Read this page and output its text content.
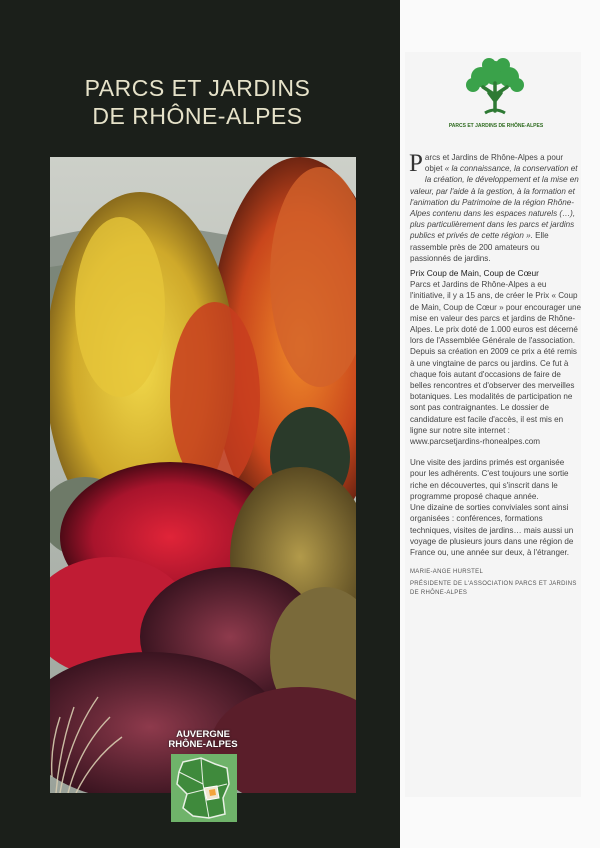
PARCS ET JARDINS
DE RHÔNE-ALPES
AUVERGNE
RHÔNE-ALPES
PARCS ET JARDINS DE RHÔNE-ALPES

Parcs et Jardins de Rhône-Alpes a pour objet « la connaissance, la conservation et la création, le développement et la mise en valeur, par l'aide à la gestion, à la formation et l'animation du Patrimoine de la région Rhône-Alpes contenu dans les espaces naturels (…), plus particulièrement dans les parcs et jardins publics et privés de cette région ». Elle rassemble près de 200 amateurs ou passionnés de jardins.

Prix Coup de Main, Coup de Cœur

Parcs et Jardins de Rhône-Alpes a eu l'initiative, il y a 15 ans, de créer le Prix « Coup de Main, Coup de Cœur » pour encourager une mise en valeur des parcs et jardins de Rhône-Alpes. Le prix doté de 1.000 euros est décerné lors de l'Assemblée Générale de l'association. Depuis sa création en 2009 ce prix a été remis à une vingtaine de parcs ou jardins. Ce fut à chaque fois autant d'occasions de faire de belles rencontres et d'observer des merveilles botaniques. Les modalités de participation ne sont pas contraignantes. Le dossier de candidature est facile d'accès, il est mis en ligne sur notre site internet :

www.parcsetjardins-rhonealpes.com

Une visite des jardins primés est organisée pour les adhérents. C'est toujours une sortie riche en découvertes, qui s'inscrit dans le programme proposé chaque année.

Une dizaine de sorties conviviales sont ainsi organisées : conférences, formations techniques, visites de jardins… mais aussi un voyage de plusieurs jours dans une région de France ou, une année sur deux, à l'étranger.

MARIE-ANGE HURSTEL

PRÉSIDENTE DE L'ASSOCIATION PARCS ET JARDINS DE RHÔNE-ALPES
